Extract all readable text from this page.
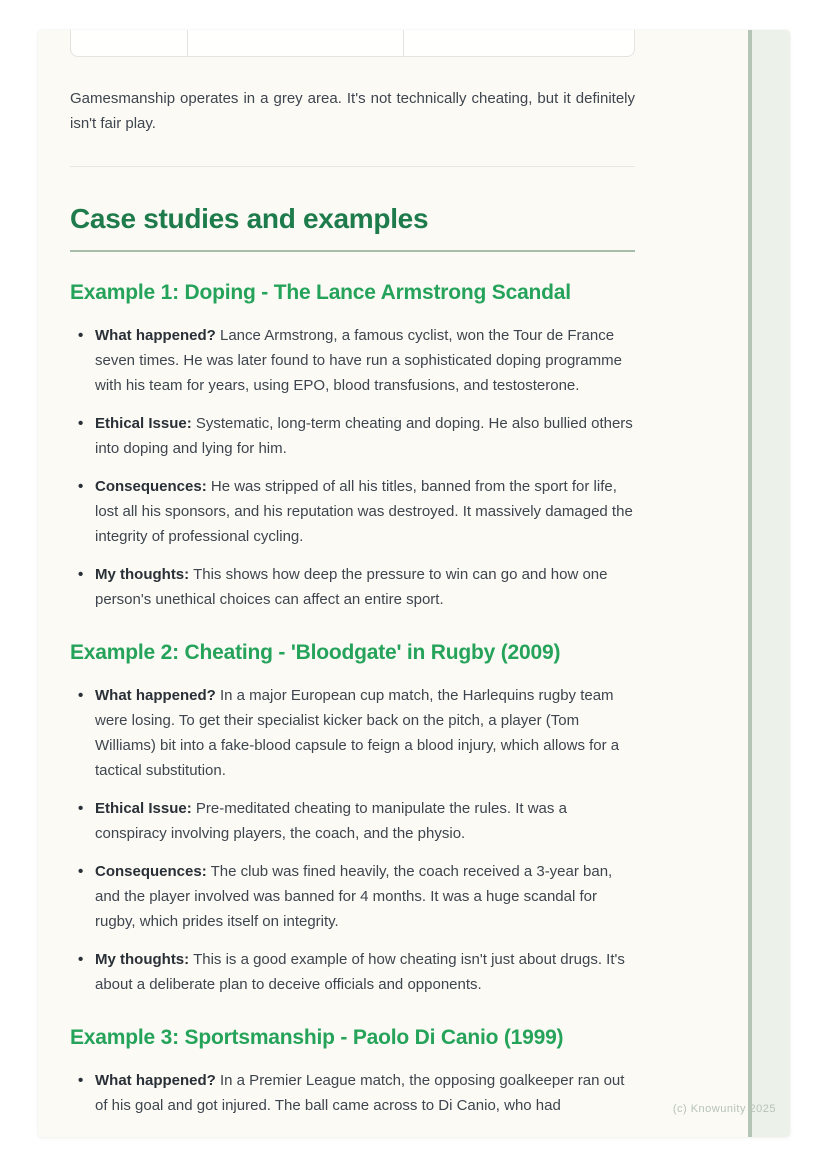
Gamesmanship operates in a grey area. It's not technically cheating, but it definitely isn't fair play.

Case studies and examples
Example 1: Doping - The Lance Armstrong Scandal
• What happened? Lance Armstrong, a famous cyclist, won the Tour de France seven times. He was later found to have run a sophisticated doping programme with his team for years, using EPO, blood transfusions, and testosterone.
• Ethical Issue: Systematic, long-term cheating and doping. He also bullied others into doping and lying for him.
• Consequences: He was stripped of all his titles, banned from the sport for life, lost all his sponsors, and his reputation was destroyed. It massively damaged the integrity of professional cycling.
• My thoughts: This shows how deep the pressure to win can go and how one person's unethical choices can affect an entire sport.
Example 2: Cheating - 'Bloodgate' in Rugby (2009)
• What happened? In a major European cup match, the Harlequins rugby team were losing. To get their specialist kicker back on the pitch, a player (Tom Williams) bit into a fake-blood capsule to feign a blood injury, which allows for a tactical substitution.
• Ethical Issue: Pre-meditated cheating to manipulate the rules. It was a conspiracy involving players, the coach, and the physio.
• Consequences: The club was fined heavily, the coach received a 3-year ban, and the player involved was banned for 4 months. It was a huge scandal for rugby, which prides itself on integrity.
• My thoughts: This is a good example of how cheating isn't just about drugs. It's about a deliberate plan to deceive officials and opponents.
Example 3: Sportsmanship - Paolo Di Canio (1999)
• What happened? In a Premier League match, the opposing goalkeeper ran out of his goal and got injured. The ball came across to Di Canio, who had	(c) Knowunity 2025
